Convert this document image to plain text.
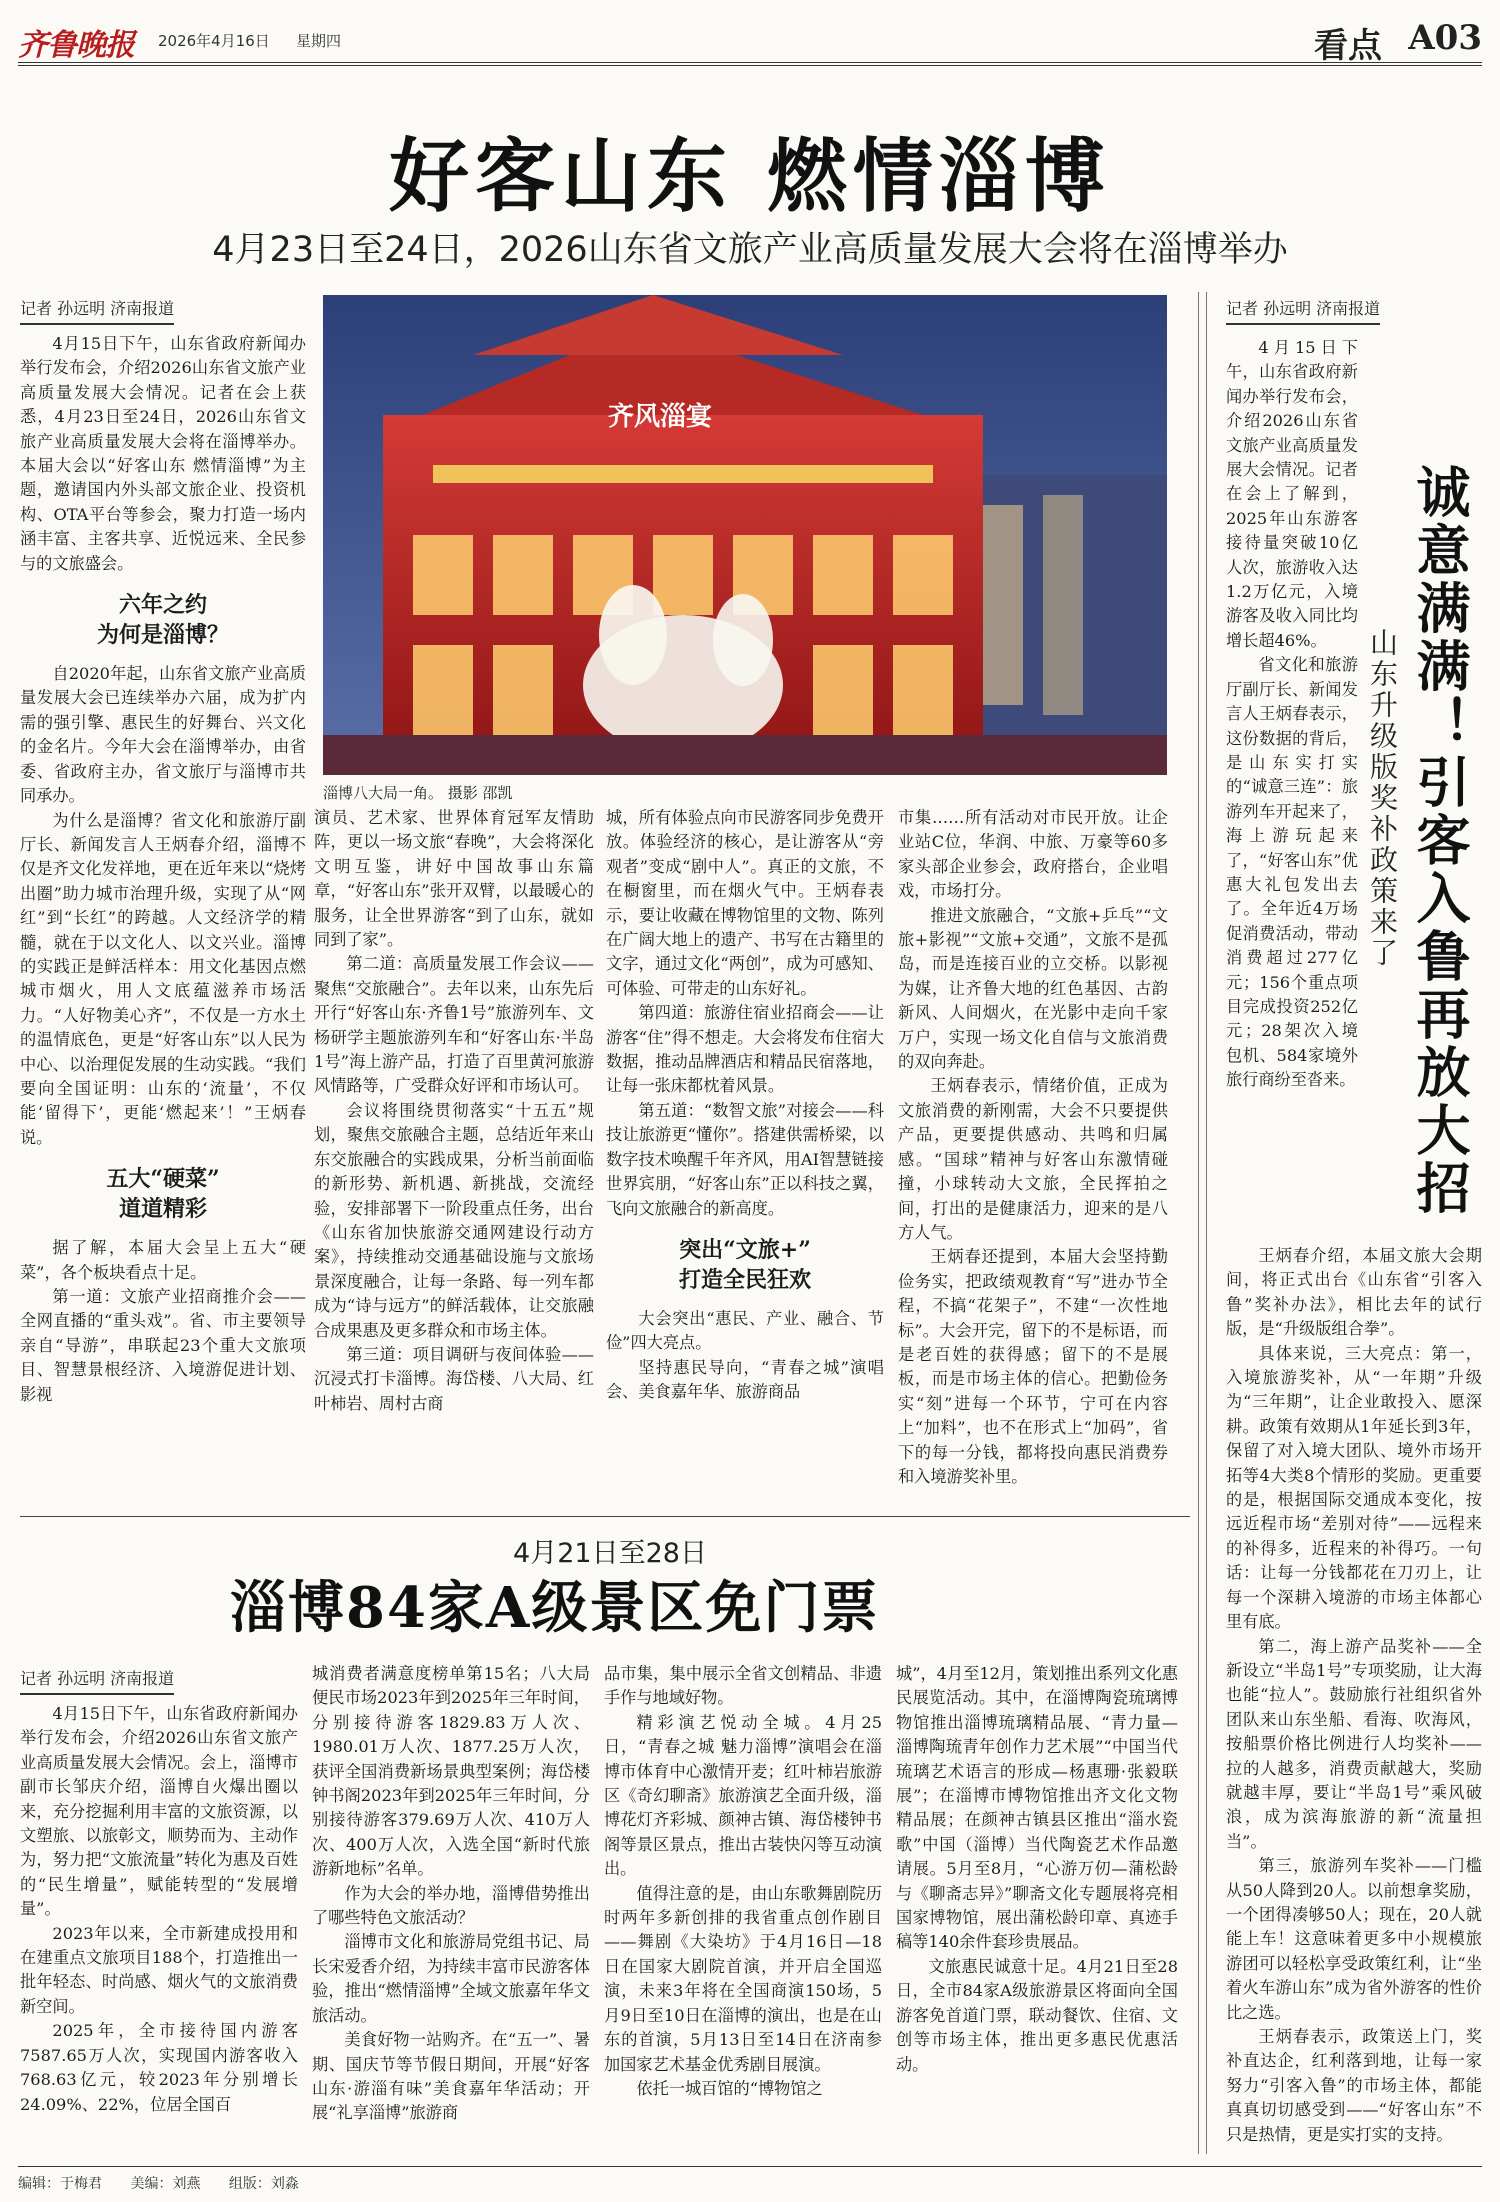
齐鲁晚报 2026年4月16日 星期四	看点 A03
好客山东 燃情淄博
4月23日至24日，2026山东省文旅产业高质量发展大会将在淄博举办
记者 孙远明 济南报道
齐风淄宴
淄博八大局一角。 摄影 邵凯

4月15日下午，山东省政府新闻办举行发布会，介绍2026山东省文旅产业高质量发展大会情况。记者在会上获悉，4月23日至24日，2026山东省文旅产业高质量发展大会将在淄博举办。本届大会以“好客山东 燃情淄博”为主题，邀请国内外头部文旅企业、投资机构、OTA平台等参会，聚力打造一场内涵丰富、主客共享、近悦远来、全民参与的文旅盛会。

六年之约
为何是淄博？

自2020年起，山东省文旅产业高质量发展大会已连续举办六届，成为扩内需的强引擎、惠民生的好舞台、兴文化的金名片。今年大会在淄博举办，由省委、省政府主办，省文旅厅与淄博市共同承办。

为什么是淄博？省文化和旅游厅副厅长、新闻发言人王炳春介绍，淄博不仅是齐文化发祥地，更在近年来以“烧烤出圈”助力城市治理升级，实现了从“网红”到“长红”的跨越。人文经济学的精髓，就在于以文化人、以文兴业。淄博的实践正是鲜活样本：用文化基因点燃城市烟火，用人文底蕴滋养市场活力。“人好物美心齐”，不仅是一方水土的温情底色，更是“好客山东”以人民为中心、以治理促发展的生动实践。“我们要向全国证明：山东的‘流量’，不仅能‘留得下’，更能‘燃起来’！”王炳春说。

五大“硬菜”
道道精彩

据了解，本届大会呈上五大“硬菜”，各个板块看点十足。

第一道：文旅产业招商推介会——全网直播的“重头戏”。省、市主要领导亲自“导游”，串联起23个重大文旅项目、智慧景根经济、入境游促进计划、影视

演员、艺术家、世界体育冠军友情助阵，更以一场文旅“春晚”，大会将深化文明互鉴，讲好中国故事山东篇章，“好客山东”张开双臂，以最暖心的服务，让全世界游客“到了山东，就如同到了家”。

第二道：高质量发展工作会议——聚焦“交旅融合”。去年以来，山东先后开行“好客山东·齐鲁1号”旅游列车、文杨研学主题旅游列车和“好客山东·半岛1号”海上游产品，打造了百里黄河旅游风情路等，广受群众好评和市场认可。

会议将围绕贯彻落实“十五五”规划，聚焦交旅融合主题，总结近年来山东交旅融合的实践成果，分析当前面临的新形势、新机遇、新挑战，交流经验，安排部署下一阶段重点任务，出台《山东省加快旅游交通网建设行动方案》，持续推动交通基础设施与文旅场景深度融合，让每一条路、每一列车都成为“诗与远方”的鲜活载体，让交旅融合成果惠及更多群众和市场主体。

第三道：项目调研与夜间体验——沉浸式打卡淄博。海岱楼、八大局、红叶柿岩、周村古商

城，所有体验点向市民游客同步免费开放。体验经济的核心，是让游客从“旁观者”变成“剧中人”。真正的文旅，不在橱窗里，而在烟火气中。王炳春表示，要让收藏在博物馆里的文物、陈列在广阔大地上的遗产、书写在古籍里的文字，通过文化“两创”，成为可感知、可体验、可带走的山东好礼。

第四道：旅游住宿业招商会——让游客“住”得不想走。大会将发布住宿大数据，推动品牌酒店和精品民宿落地，让每一张床都枕着风景。

第五道：“数智文旅”对接会——科技让旅游更“懂你”。搭建供需桥梁，以数字技术唤醒千年齐风，用AI智慧链接世界宾朋，“好客山东”正以科技之翼，飞向文旅融合的新高度。

突出“文旅+”
打造全民狂欢

大会突出“惠民、产业、融合、节俭”四大亮点。

坚持惠民导向，“青春之城”演唱会、美食嘉年华、旅游商品

市集……所有活动对市民开放。让企业站C位，华润、中旅、万豪等60多家头部企业参会，政府搭台，企业唱戏，市场打分。

推进文旅融合，“文旅+乒乓”“文旅+影视”“文旅+交通”，文旅不是孤岛，而是连接百业的立交桥。以影视为媒，让齐鲁大地的红色基因、古韵新风、人间烟火，在光影中走向千家万户，实现一场文化自信与文旅消费的双向奔赴。

王炳春表示，情绪价值，正成为文旅消费的新刚需，大会不只要提供产品，更要提供感动、共鸣和归属感。“国球”精神与好客山东激情碰撞，小球转动大文旅，全民挥拍之间，打出的是健康活力，迎来的是八方人气。

王炳春还提到，本届大会坚持勤俭务实，把政绩观教育“写”进办节全程，不搞“花架子”，不建“一次性地标”。大会开完，留下的不是标语，而是老百姓的获得感；留下的不是展板，而是市场主体的信心。把勤俭务实“刻”进每一个环节，宁可在内容上“加料”，也不在形式上“加码”，省下的每一分钱，都将投向惠民消费券和入境游奖补里。

4月21日至28日
淄博84家A级景区免门票
记者 孙远明 济南报道

4月15日下午，山东省政府新闻办举行发布会，介绍2026山东省文旅产业高质量发展大会情况。会上，淄博市副市长邹庆介绍，淄博自火爆出圈以来，充分挖掘利用丰富的文旅资源，以文塑旅、以旅彰文，顺势而为、主动作为，努力把“文旅流量”转化为惠及百姓的“民生增量”，赋能转型的“发展增量”。

2023年以来，全市新建成投用和在建重点文旅项目188个，打造推出一批年轻态、时尚感、烟火气的文旅消费新空间。

2025年，全市接待国内游客7587.65万人次，实现国内游客收入768.63亿元，较2023年分别增长24.09%、22%，位居全国百

城消费者满意度榜单第15名；八大局便民市场2023年到2025年三年时间，分别接待游客1829.83万人次、1980.01万人次、1877.25万人次，获评全国消费新场景典型案例；海岱楼钟书阁2023年到2025年三年时间，分别接待游客379.69万人次、410万人次、400万人次，入选全国“新时代旅游新地标”名单。

作为大会的举办地，淄博借势推出了哪些特色文旅活动？

淄博市文化和旅游局党组书记、局长宋爱香介绍，为持续丰富市民游客体验，推出“燃情淄博”全域文旅嘉年华文旅活动。

美食好物一站购齐。在“五一”、暑期、国庆节等节假日期间，开展“好客山东·游淄有味”美食嘉年华活动；开展“礼享淄博”旅游商

品市集，集中展示全省文创精品、非遗手作与地域好物。

精彩演艺悦动全城。4月25日，“青春之城 魅力淄博”演唱会在淄博市体育中心激情开麦；红叶柿岩旅游区《奇幻聊斋》旅游演艺全面升级，淄博花灯齐彩城、颜神古镇、海岱楼钟书阁等景区景点，推出古装快闪等互动演出。

值得注意的是，由山东歌舞剧院历时两年多新创排的我省重点创作剧目——舞剧《大染坊》于4月16日—18日在国家大剧院首演，并开启全国巡演，未来3年将在全国商演150场，5月9日至10日在淄博的演出，也是在山东的首演，5月13日至14日在济南参加国家艺术基金优秀剧目展演。

依托一城百馆的“博物馆之

城”，4月至12月，策划推出系列文化惠民展览活动。其中，在淄博陶瓷琉璃博物馆推出淄博琉璃精品展、“青力量—淄博陶琉青年创作力艺术展”“中国当代琉璃艺术语言的形成—杨惠珊·张毅联展”；在淄博市博物馆推出齐文化文物精品展；在颜神古镇县区推出“淄水瓷歌”中国（淄博）当代陶瓷艺术作品邀请展。5月至8月，“心游万仞—蒲松龄与《聊斋志异》”聊斋文化专题展将亮相国家博物馆，展出蒲松龄印章、真迹手稿等140余件套珍贵展品。

文旅惠民诚意十足。4月21日至28日，全市84家A级旅游景区将面向全国游客免首道门票，联动餐饮、住宿、文创等市场主体，推出更多惠民优惠活动。

记者 孙远明 济南报道
诚意满满！引客入鲁再放大招
山东升级版奖补政策来了

4月15日下午，山东省政府新闻办举行发布会，介绍2026山东省文旅产业高质量发展大会情况。记者在会上了解到，2025年山东游客接待量突破10亿人次，旅游收入达1.2万亿元，入境游客及收入同比均增长超46%。

省文化和旅游厅副厅长、新闻发言人王炳春表示，这份数据的背后，是山东实打实的“诚意三连”：旅游列车开起来了，海上游玩起来了，“好客山东”优惠大礼包发出去了。全年近4万场促消费活动，带动消费超过277亿元；156个重点项目完成投资252亿元；28架次入境包机、584家境外旅行商纷至沓来。

王炳春介绍，本届文旅大会期间，将正式出台《山东省“引客入鲁”奖补办法》，相比去年的试行版，是“升级版组合拳”。

具体来说，三大亮点：第一，入境旅游奖补，从“一年期”升级为“三年期”，让企业敢投入、愿深耕。政策有效期从1年延长到3年，保留了对入境大团队、境外市场开拓等4大类8个情形的奖励。更重要的是，根据国际交通成本变化，按远近程市场“差别对待”——远程来的补得多，近程来的补得巧。一句话：让每一分钱都花在刀刃上，让每一个深耕入境游的市场主体都心里有底。

第二，海上游产品奖补——全新设立“半岛1号”专项奖励，让大海也能“拉人”。鼓励旅行社组织省外团队来山东坐船、看海、吹海风，按船票价格比例进行人均奖补——拉的人越多，消费贡献越大，奖励就越丰厚，要让“半岛1号”乘风破浪，成为滨海旅游的新“流量担当”。

第三，旅游列车奖补——门槛从50人降到20人。以前想拿奖励，一个团得凑够50人；现在，20人就能上车！这意味着更多中小规模旅游团可以轻松享受政策红利，让“坐着火车游山东”成为省外游客的性价比之选。

王炳春表示，政策送上门，奖补直达企，红利落到地，让每一家努力“引客入鲁”的市场主体，都能真真切切感受到——“好客山东”不只是热情，更是实打实的支持。

编辑：于梅君 美编：刘燕 组版：刘淼
